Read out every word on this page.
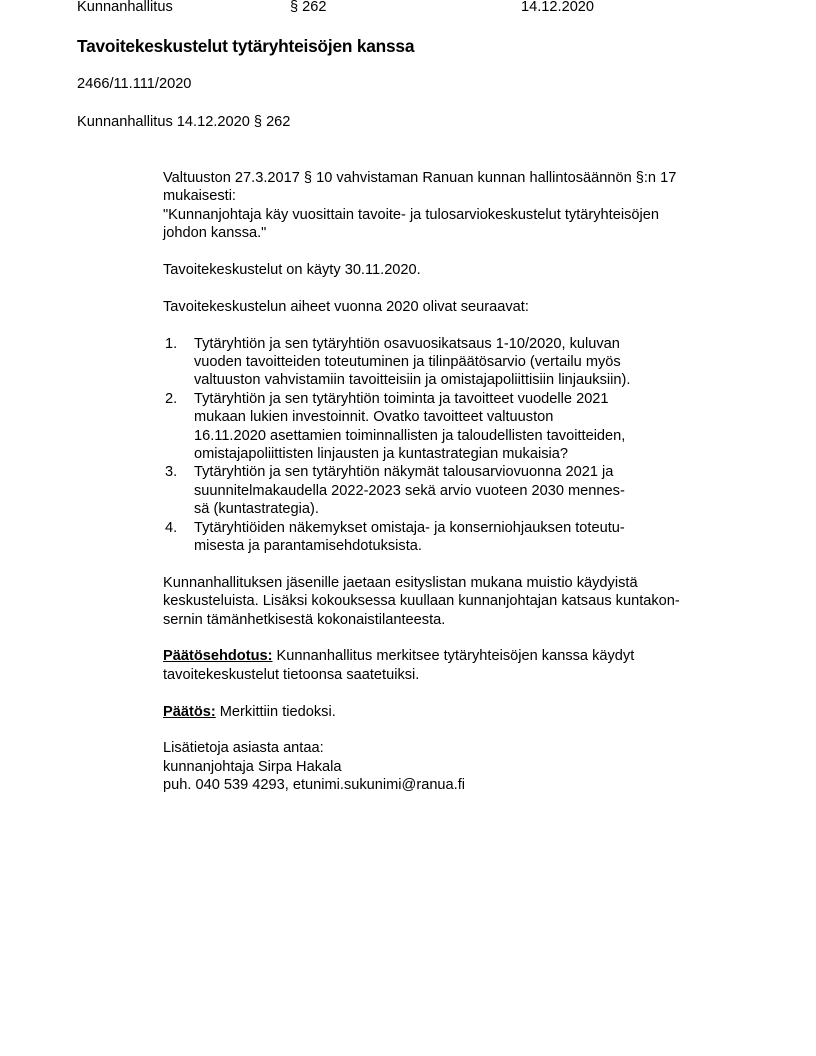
Kunnanhallitus	§ 262	14.12.2020
Tavoitekeskustelut tytäryhteisöjen kanssa
2466/11.111/2020
Kunnanhallitus 14.12.2020 § 262

Valtuuston 27.3.2017 § 10 vahvistaman Ranuan kunnan hallintosäännön §:n 17
mukaisesti:
"Kunnanjohtaja käy vuosittain tavoite- ja tulosarviokeskustelut tytäryhteisöjen
johdon kanssa."

Tavoitekeskustelut on käyty 30.11.2020.

Tavoitekeskustelun aiheet vuonna 2020 olivat seuraavat:

1. Tytäryhtiön ja sen tytäryhtiön osavuosikatsaus 1-10/2020, kuluvan
vuoden tavoitteiden toteutuminen ja tilinpäätösarvio (vertailu myös
valtuuston vahvistamiin tavoitteisiin ja omistajapoliittisiin linjauksiin).
2. Tytäryhtiön ja sen tytäryhtiön toiminta ja tavoitteet vuodelle 2021
mukaan lukien investoinnit. Ovatko tavoitteet valtuuston
16.11.2020 asettamien toiminnallisten ja taloudellisten tavoitteiden,
omistajapoliittisten linjausten ja kuntastrategian mukaisia?
3. Tytäryhtiön ja sen tytäryhtiön näkymät talousarviovuonna 2021 ja
suunnitelmakaudella 2022-2023 sekä arvio vuoteen 2030 mennes-
sä (kuntastrategia).
4. Tytäryhtiöiden näkemykset omistaja- ja konserniohjauksen toteutu-
misesta ja parantamisehdotuksista.

Kunnanhallituksen jäsenille jaetaan esityslistan mukana muistio käydyistä
keskusteluista. Lisäksi kokouksessa kuullaan kunnanjohtajan katsaus kuntakon-
sernin tämänhetkisestä kokonaistilanteesta.

Päätösehdotus: Kunnanhallitus merkitsee tytäryhteisöjen kanssa käydyt
tavoitekeskustelut tietoonsa saatetuiksi.

Päätös: Merkittiin tiedoksi.

Lisätietoja asiasta antaa:
kunnanjohtaja Sirpa Hakala
puh. 040 539 4293, etunimi.sukunimi@ranua.fi
